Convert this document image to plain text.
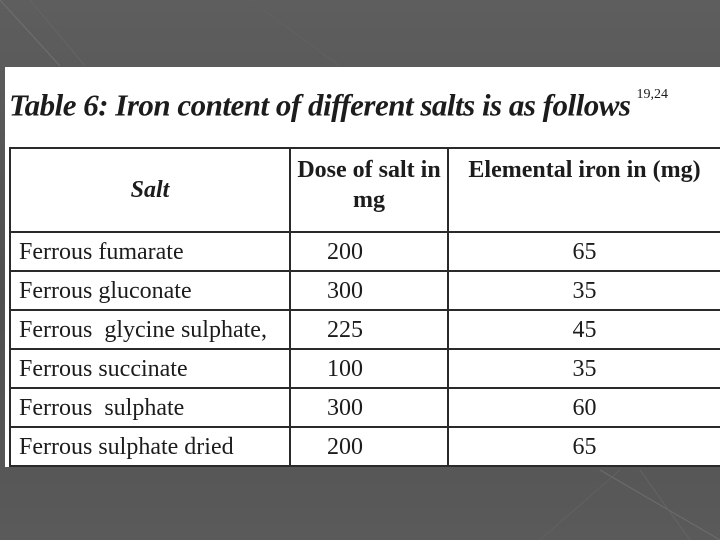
Table 6: Iron content of different salts is as follows $^{19,24}$
Salt	Dose of salt in mg	Elemental iron in (mg)
Ferrous fumarate	200	65
Ferrous gluconate	300	35
Ferrous  glycine sulphate,	225	45
Ferrous succinate	100	35
Ferrous  sulphate	300	60
Ferrous sulphate dried	200	65
